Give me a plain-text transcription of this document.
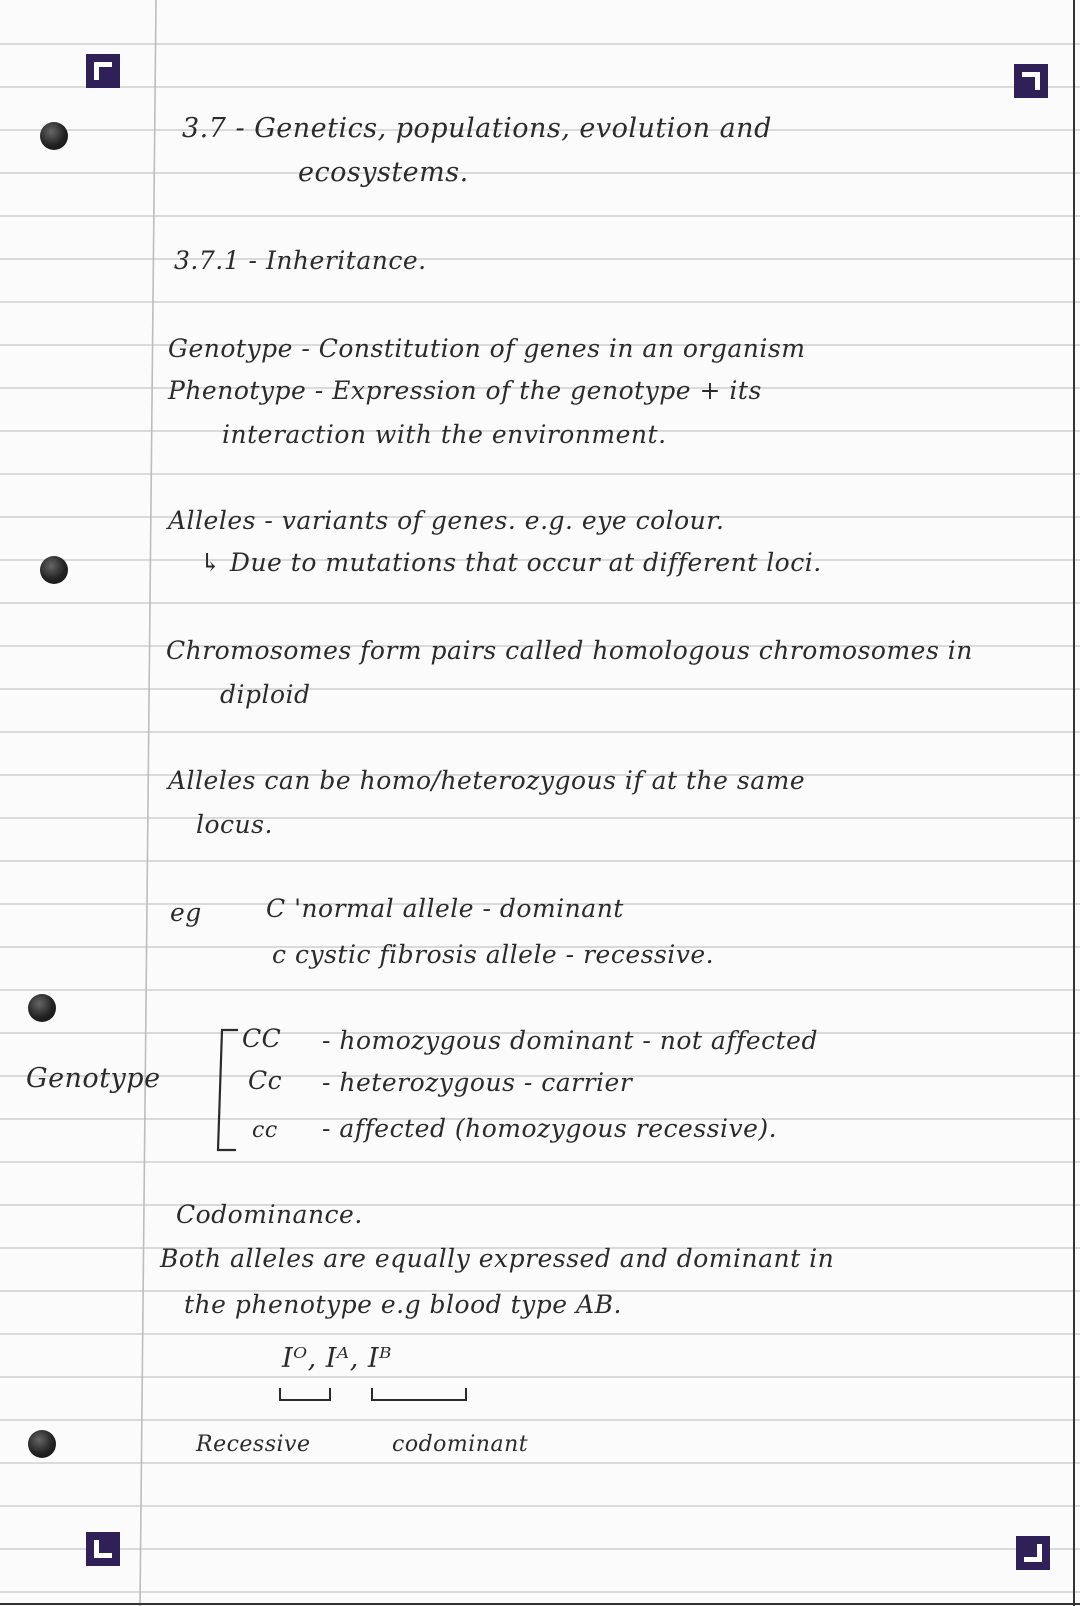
3.7 - Genetics, populations, evolution and
ecosystems.
3.7.1 - Inheritance.
Genotype - Constitution of genes in an organism
Phenotype - Expression of the genotype + its
interaction with the environment.
Alleles - variants of genes. e.g. eye colour.
↳ Due to mutations that occur at different loci.
Chromosomes form pairs called homologous chromosomes in
diploid
Alleles can be homo/heterozygous if at the same
locus.
eg	C 'normal allele - dominant
c cystic fibrosis allele - recessive.
Genotype
CC - homozygous dominant - not affected
Cc - heterozygous - carrier
cc - affected (homozygous recessive).
Codominance.
Both alleles are equally expressed and dominant in
the phenotype e.g blood type AB.
Iᴼ, Iᴬ, Iᴮ
Recessive	codominant
